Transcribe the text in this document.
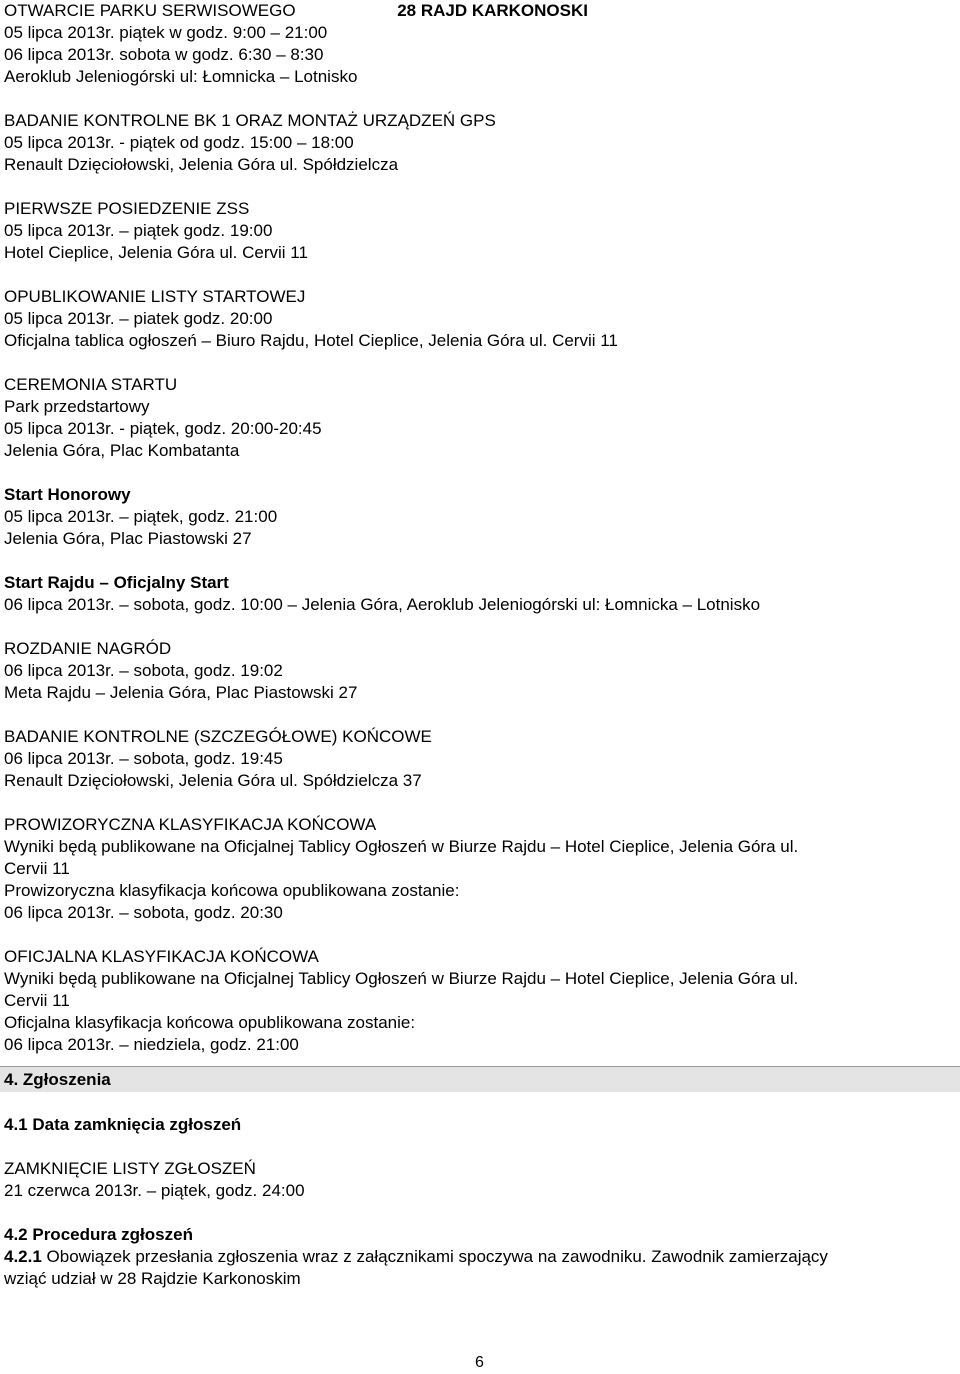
28 RAJD KARKONOSKI
OTWARCIE PARKU SERWISOWEGO
05 lipca 2013r. piątek w godz. 9:00 – 21:00
06 lipca 2013r. sobota w godz. 6:30 – 8:30
Aeroklub Jeleniogórski ul: Łomnicka – Lotnisko
BADANIE KONTROLNE BK 1 ORAZ MONTAŻ URZĄDZEŃ GPS
05 lipca 2013r. - piątek od godz. 15:00 – 18:00
Renault Dzięciołowski, Jelenia Góra ul. Spółdzielcza
PIERWSZE POSIEDZENIE ZSS
05 lipca 2013r. – piątek godz. 19:00
Hotel Cieplice, Jelenia Góra ul. Cervii 11
OPUBLIKOWANIE LISTY STARTOWEJ
05 lipca 2013r. – piatek godz. 20:00
Oficjalna tablica ogłoszeń – Biuro Rajdu, Hotel Cieplice, Jelenia Góra ul. Cervii 11
CEREMONIA STARTU
Park przedstartowy
05 lipca 2013r. - piątek, godz. 20:00-20:45
Jelenia Góra, Plac Kombatanta
Start Honorowy
05 lipca 2013r. – piątek, godz. 21:00
Jelenia Góra, Plac Piastowski 27
Start Rajdu – Oficjalny Start
06 lipca 2013r. – sobota, godz. 10:00 – Jelenia Góra, Aeroklub Jeleniogórski ul: Łomnicka – Lotnisko
ROZDANIE NAGRÓD
06 lipca 2013r. – sobota, godz. 19:02
Meta Rajdu – Jelenia Góra, Plac Piastowski 27
BADANIE KONTROLNE (SZCZEGÓŁOWE) KOŃCOWE
06 lipca 2013r. – sobota, godz. 19:45
Renault Dzięciołowski, Jelenia Góra ul. Spółdzielcza 37
PROWIZORYCZNA KLASYFIKACJA KOŃCOWA
Wyniki będą publikowane na Oficjalnej Tablicy Ogłoszeń w Biurze Rajdu – Hotel Cieplice, Jelenia Góra ul.
Cervii 11
Prowizoryczna klasyfikacja końcowa opublikowana zostanie:
06 lipca 2013r. – sobota, godz. 20:30
OFICJALNA KLASYFIKACJA KOŃCOWA
Wyniki będą publikowane na Oficjalnej Tablicy Ogłoszeń w Biurze Rajdu – Hotel Cieplice, Jelenia Góra ul.
Cervii 11
Oficjalna klasyfikacja końcowa opublikowana zostanie:
06 lipca 2013r. – niedziela, godz. 21:00
4. Zgłoszenia
4.1 Data zamknięcia zgłoszeń
ZAMKNIĘCIE LISTY ZGŁOSZEŃ
21 czerwca 2013r. – piątek, godz. 24:00
4.2 Procedura zgłoszeń
4.2.1 Obowiązek przesłania zgłoszenia wraz z załącznikami spoczywa na zawodniku. Zawodnik zamierzający
wziąć udział w 28 Rajdzie Karkonoskim
6
